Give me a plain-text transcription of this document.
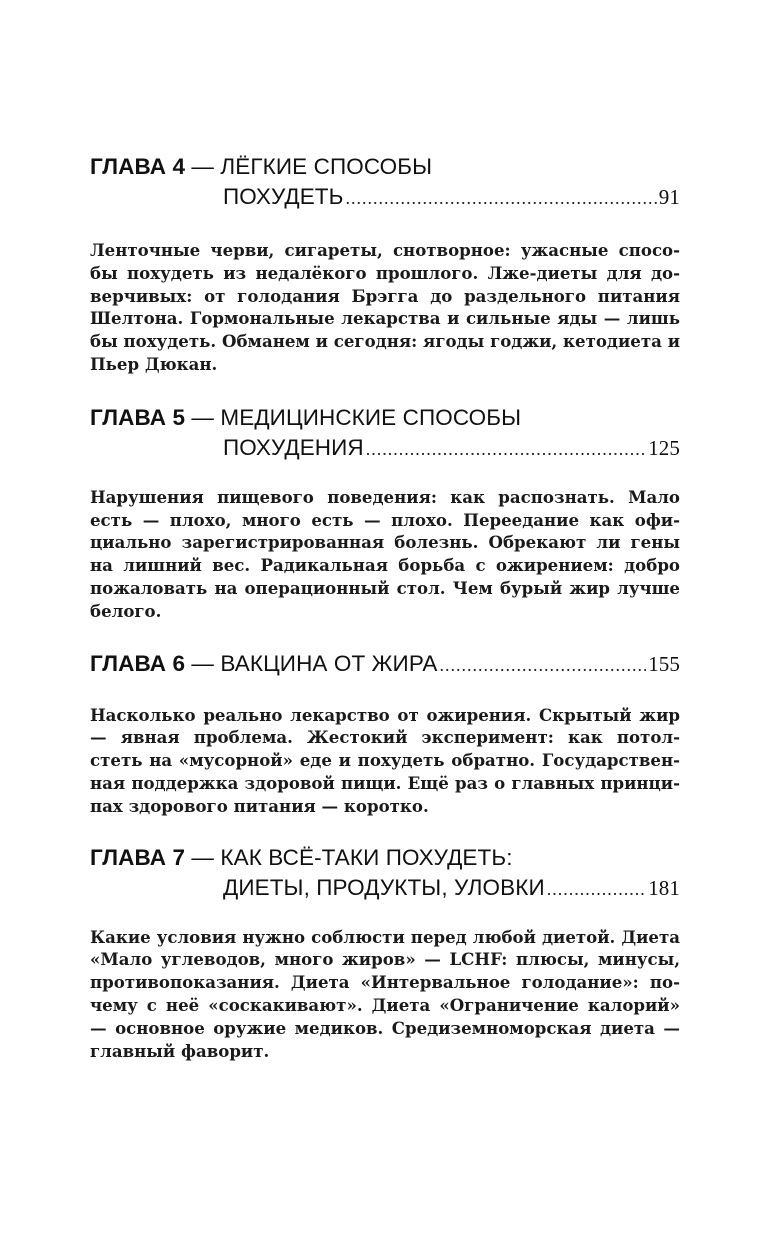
ГЛАВА 4 — ЛЁГКИЕ СПОСОБЫ
ПОХУДЕТЬ .....	91

Ленточные черви, сигареты, снотворное: ужасные спосо-бы похудеть из недалёкого прошлого. Лже-диеты для до-верчивых: от голодания Брэгга до раздельного питания Шелтона. Гормональные лекарства и сильные яды — лишь бы похудеть. Обманем и сегодня: ягоды годжи, кетодиета и Пьер Дюкан.

ГЛАВА 5 — МЕДИЦИНСКИЕ СПОСОБЫ
ПОХУДЕНИЯ .....	125

Нарушения пищевого поведения: как распознать. Мало есть — плохо, много есть — плохо. Переедание как офи-циально зарегистрированная болезнь. Обрекают ли гены на лишний вес. Радикальная борьба с ожирением: добро пожаловать на операционный стол. Чем бурый жир лучше белого.

ГЛАВА 6 — ВАКЦИНА ОТ ЖИРА .....	155

Насколько реально лекарство от ожирения. Скрытый жир — явная проблема. Жестокий эксперимент: как потол-стеть на «мусорной» еде и похудеть обратно. Государствен-ная поддержка здоровой пищи. Ещё раз о главных принци-пах здорового питания — коротко.

ГЛАВА 7 — КАК ВСЁ-ТАКИ ПОХУДЕТЬ:
ДИЕТЫ, ПРОДУКТЫ, УЛОВКИ .....	181

Какие условия нужно соблюсти перед любой диетой. Диета «Мало углеводов, много жиров» — LCHF: плюсы, минусы, противопоказания. Диета «Интервальное голодание»: по-чему с неё «соскакивают». Диета «Ограничение калорий» — основное оружие медиков. Средиземноморская диета — главный фаворит.
